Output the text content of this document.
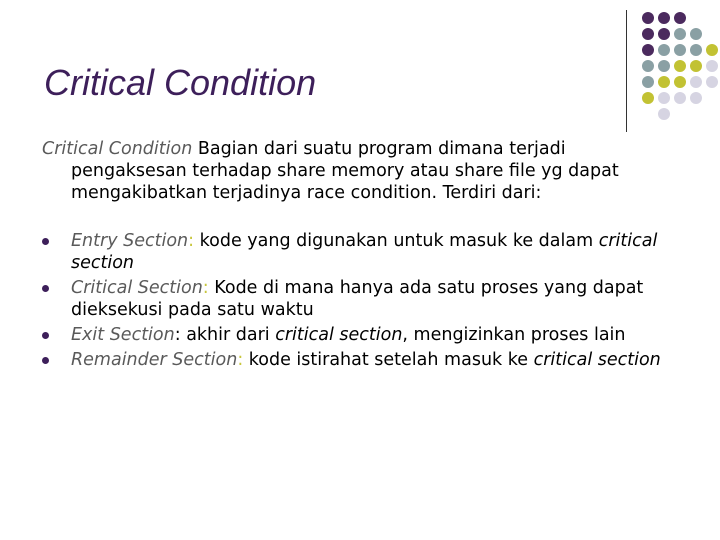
Critical Condition

Critical Condition Bagian dari suatu program dimana terjadi pengaksesan terhadap share memory atau share file yg dapat mengakibatkan terjadinya race condition. Terdiri dari:

Entry Section: kode yang digunakan untuk masuk ke dalam critical section
Critical Section: Kode di mana hanya ada satu proses yang dapat dieksekusi pada satu waktu
Exit Section: akhir dari critical section, mengizinkan proses lain
Remainder Section: kode istirahat setelah masuk ke critical section
